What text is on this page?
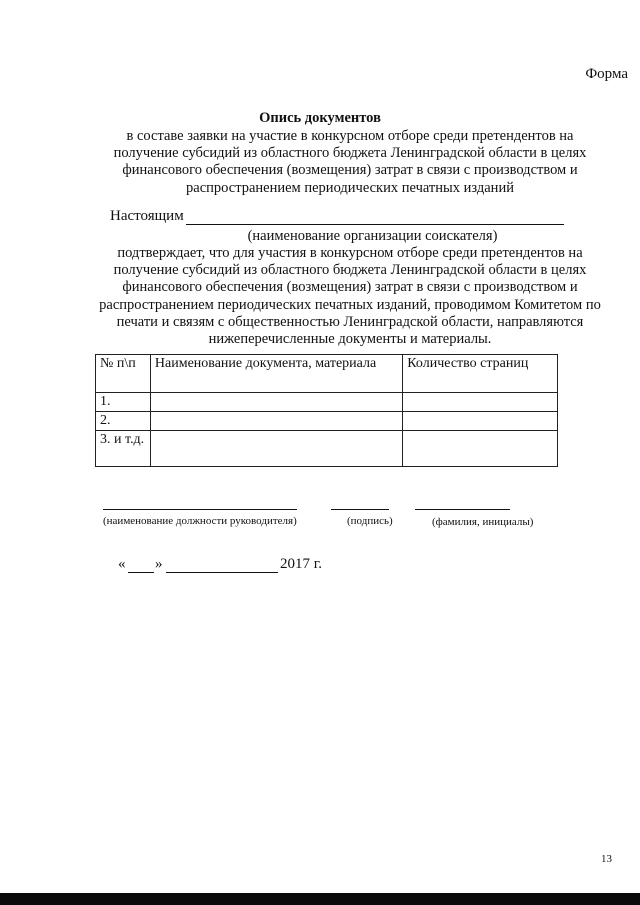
Форма
Опись документов
в составе заявки на участие в конкурсном отборе среди претендентов на
получение субсидий из областного бюджета Ленинградской области в целях
финансового обеспечения (возмещения) затрат в связи с производством и
распространением периодических печатных изданий
Настоящим
(наименование организации соискателя)
подтверждает, что для участия в конкурсном отборе среди претендентов на
получение субсидий из областного бюджета Ленинградской области в целях
финансового обеспечения (возмещения) затрат в связи с производством и
распространением периодических печатных изданий, проводимом Комитетом по
печати и связям с общественностью Ленинградской области, направляются
нижеперечисленные документы и материалы.
№ п\п	Наименование документа, материала	Количество страниц
1.		
2.		
3. и т.д.		
(наименование должности руководителя)	(подпись)	(фамилия, инициалы)
« »	2017 г.
13
